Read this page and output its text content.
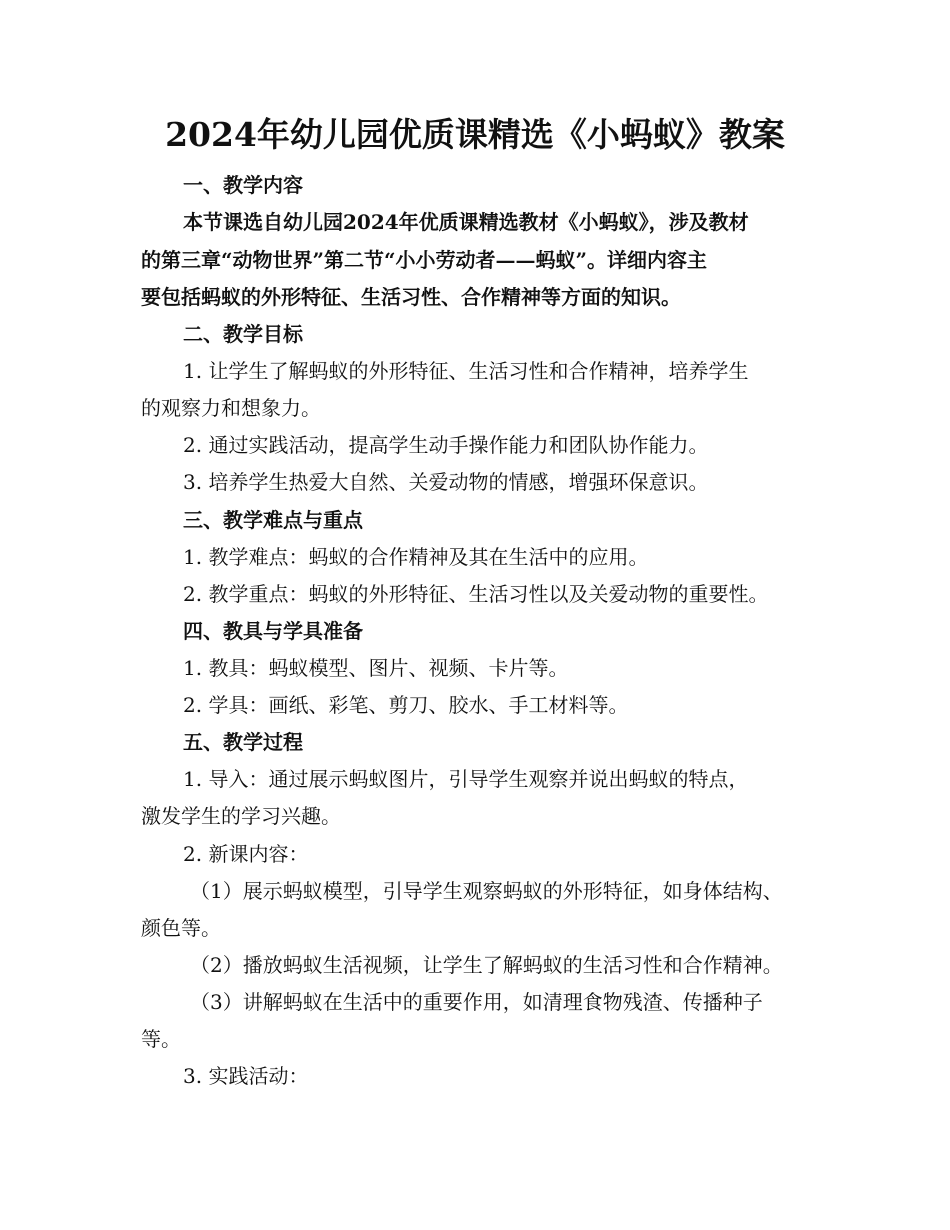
2024年幼儿园优质课精选《小蚂蚁》教案
一、教学内容
本节课选自幼儿园2024年优质课精选教材《小蚂蚁》，涉及教材
的第三章“动物世界”第二节“小小劳动者——蚂蚁”。详细内容主
要包括蚂蚁的外形特征、生活习性、合作精神等方面的知识。
二、教学目标
1. 让学生了解蚂蚁的外形特征、生活习性和合作精神，培养学生
的观察力和想象力。
2. 通过实践活动，提高学生动手操作能力和团队协作能力。
3. 培养学生热爱大自然、关爱动物的情感，增强环保意识。
三、教学难点与重点
1. 教学难点：蚂蚁的合作精神及其在生活中的应用。
2. 教学重点：蚂蚁的外形特征、生活习性以及关爱动物的重要性。
四、教具与学具准备
1. 教具：蚂蚁模型、图片、视频、卡片等。
2. 学具：画纸、彩笔、剪刀、胶水、手工材料等。
五、教学过程
1. 导入：通过展示蚂蚁图片，引导学生观察并说出蚂蚁的特点，
激发学生的学习兴趣。
2. 新课内容：
（1）展示蚂蚁模型，引导学生观察蚂蚁的外形特征，如身体结构、
颜色等。
（2）播放蚂蚁生活视频，让学生了解蚂蚁的生活习性和合作精神。
（3）讲解蚂蚁在生活中的重要作用，如清理食物残渣、传播种子
等。
3. 实践活动：
